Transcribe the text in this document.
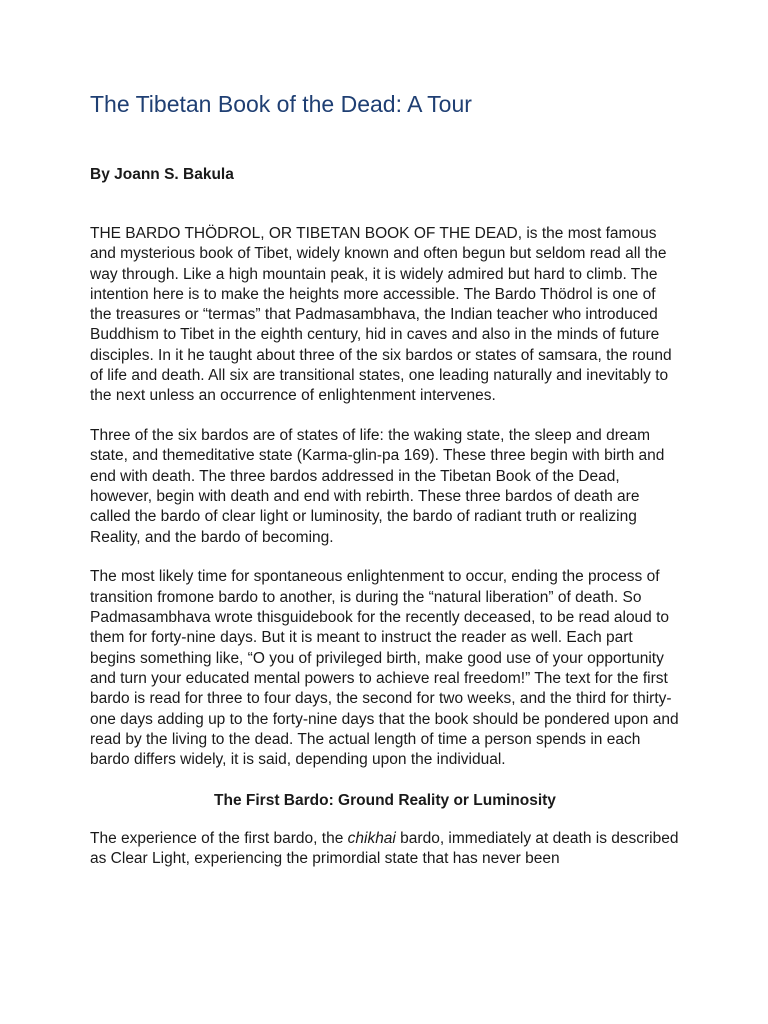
The Tibetan Book of the Dead: A Tour
By Joann S. Bakula

THE BARDO THÖDROL, OR TIBETAN BOOK OF THE DEAD, is the most famous and mysterious book of Tibet, widely known and often begun but seldom read all the way through. Like a high mountain peak, it is widely admired but hard to climb. The intention here is to make the heights more accessible. The Bardo Thödrol is one of the treasures or “termas” that Padmasambhava, the Indian teacher who introduced Buddhism to Tibet in the eighth century, hid in caves and also in the minds of future disciples. In it he taught about three of the six bardos or states of samsara, the round of life and death. All six are transitional states, one leading naturally and inevitably to the next unless an occurrence of enlightenment intervenes.

Three of the six bardos are of states of life: the waking state, the sleep and dream state, and themeditative state (Karma-glin-pa 169). These three begin with birth and end with death. The three bardos addressed in the Tibetan Book of the Dead, however, begin with death and end with rebirth. These three bardos of death are called the bardo of clear light or luminosity, the bardo of radiant truth or realizing Reality, and the bardo of becoming.

The most likely time for spontaneous enlightenment to occur, ending the process of transition fromone bardo to another, is during the “natural liberation” of death. So Padmasambhava wrote thisguidebook for the recently deceased, to be read aloud to them for forty-nine days. But it is meant to instruct the reader as well. Each part begins something like, “O you of privileged birth, make good use of your opportunity and turn your educated mental powers to achieve real freedom!” The text for the first bardo is read for three to four days, the second for two weeks, and the third for thirty-one days adding up to the forty-nine days that the book should be pondered upon and read by the living to the dead. The actual length of time a person spends in each bardo differs widely, it is said, depending upon the individual.

The First Bardo: Ground Reality or Luminosity

The experience of the first bardo, the chikhai bardo, immediately at death is described as Clear Light, experiencing the primordial state that has never been
